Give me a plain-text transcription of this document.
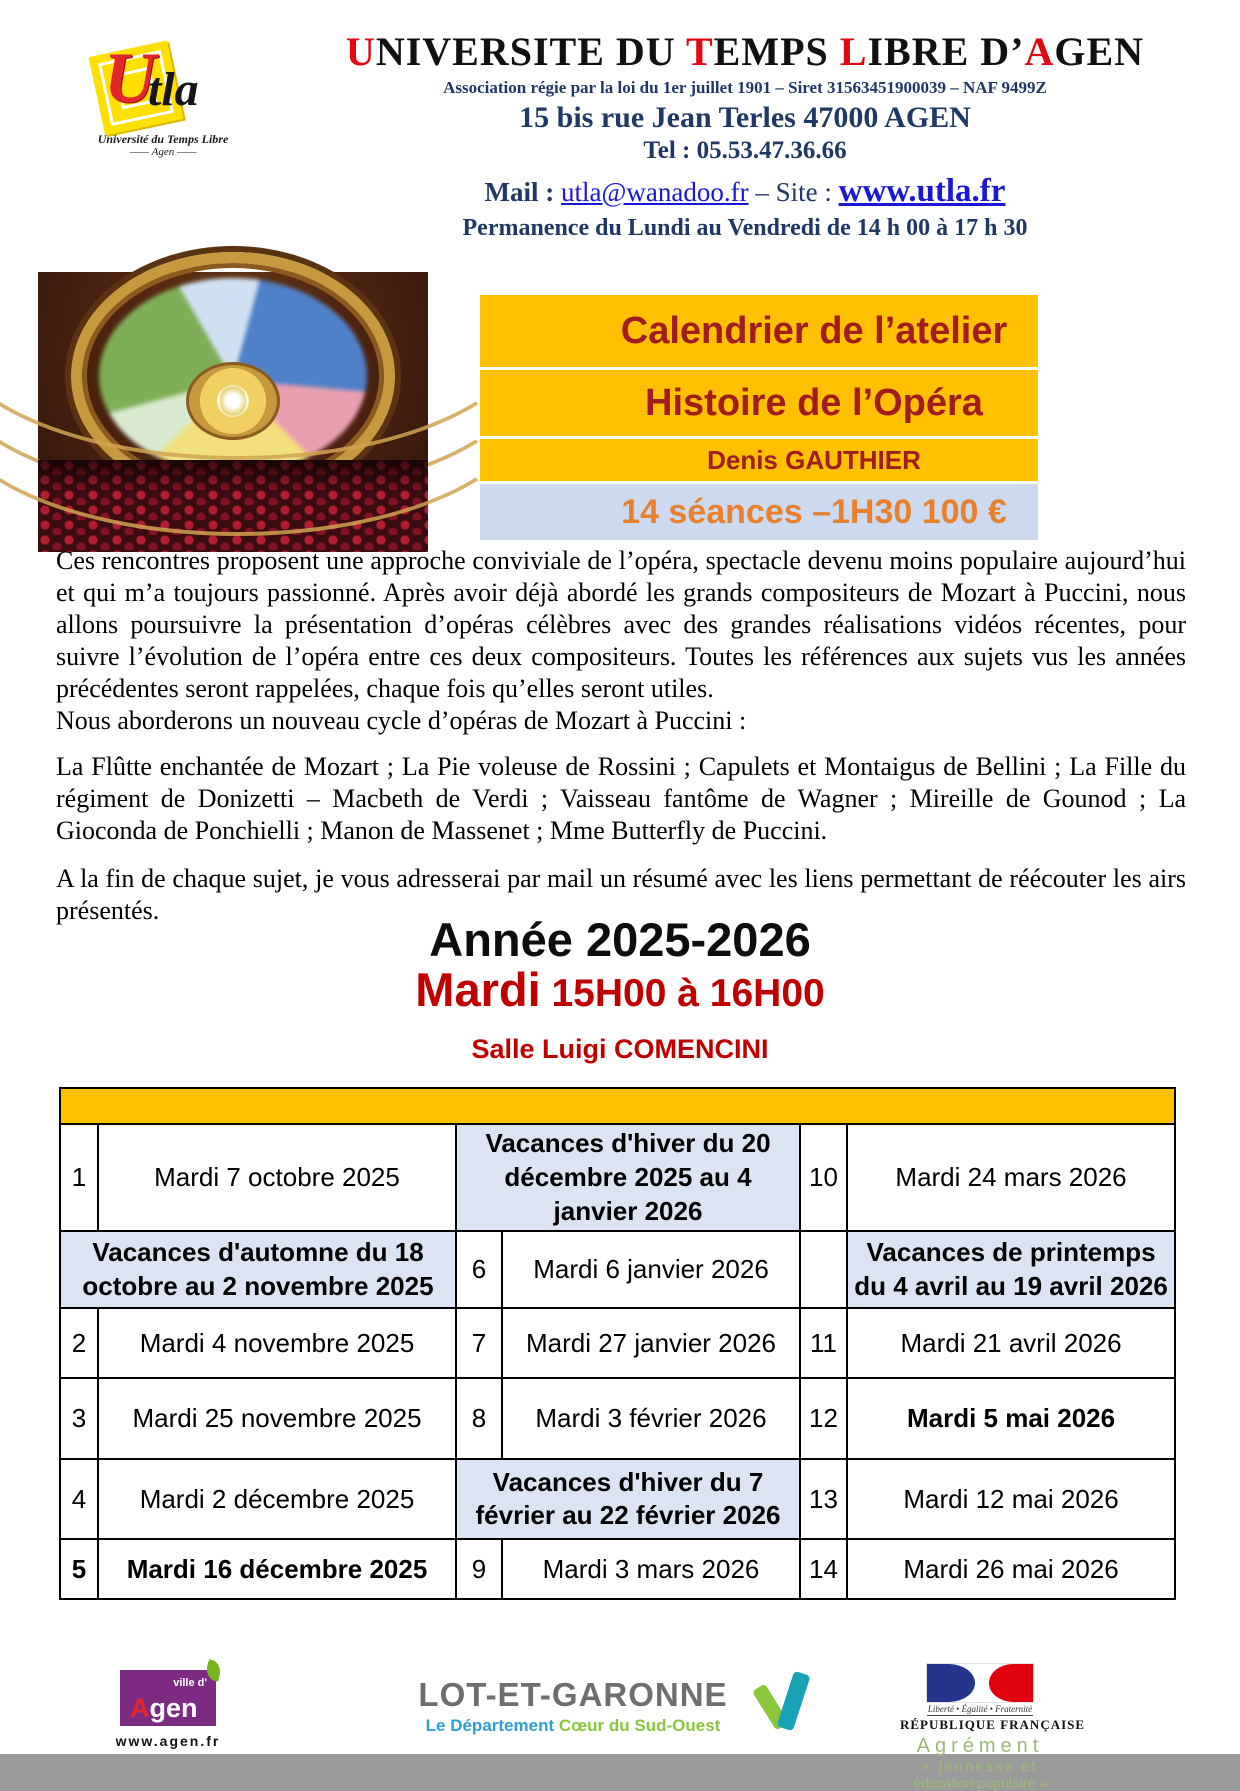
U
tla
Université du Temps Libre
—— Agen ——
UNIVERSITE DU TEMPS LIBRE D’AGEN
Association régie par la loi du 1er juillet 1901 – Siret 31563451900039 – NAF 9499Z
15 bis rue Jean Terles 47000 AGEN
Tel : 05.53.47.36.66
Mail : utla@wanadoo.fr – Site : www.utla.fr
Permanence du Lundi au Vendredi de 14 h 00 à 17 h 30
Calendrier de l’atelier
Histoire de l’Opéra
Denis GAUTHIER
14 séances –1H30 100 €

Ces rencontres proposent une approche conviviale de l’opéra, spectacle devenu moins populaire aujourd’hui et qui m’a toujours passionné. Après avoir déjà abordé les grands compositeurs de Mozart à Puccini, nous allons poursuivre la présentation d’opéras célèbres avec des grandes réalisations vidéos récentes, pour suivre l’évolution de l’opéra entre ces deux compositeurs. Toutes les références aux sujets vus les années précédentes seront rappelées, chaque fois qu’elles seront utiles.

Nous aborderons un nouveau cycle d’opéras de Mozart à Puccini :

La Flûtte enchantée de Mozart ; La Pie voleuse de Rossini ; Capulets et Montaigus de Bellini ; La Fille du régiment de Donizetti – Macbeth de Verdi ; Vaisseau fantôme de Wagner ; Mireille de Gounod ; La Gioconda de Ponchielli ; Manon de Massenet ; Mme Butterfly de Puccini.

A la fin de chaque sujet, je vous adresserai par mail un résumé avec les liens permettant de réécouter les airs présentés.

Année 2025-2026
Mardi 15H00 à 16H00
Salle Luigi COMENCINI

1	Mardi 7 octobre 2025	Vacances d'hiver du 20 décembre 2025 au 4 janvier 2026		10	Mardi 24 mars 2026
Vacances d'automne du 18 octobre au 2 novembre 2025		6	Mardi 6 janvier 2026		Vacances de printemps du 4 avril au 19 avril 2026
2	Mardi 4 novembre 2025	7	Mardi 27 janvier 2026	11	Mardi 21 avril 2026
3	Mardi 25 novembre 2025	8	Mardi 3 février 2026	12	Mardi 5 mai 2026
4	Mardi 2 décembre 2025	Vacances d'hiver du 7 février au 22 février 2026		13	Mardi 12 mai 2026
5	Mardi 16 décembre 2025	9	Mardi 3 mars 2026	14	Mardi 26 mai 2026
ville d'
Agen
www.agen.fr
LOT-ET-GARONNE
Le Département Cœur du Sud-Ouest
Liberté • Égalité • Fraternité
RÉPUBLIQUE FRANÇAISE
Agrément
« jeunesse et
éducation populaire »
